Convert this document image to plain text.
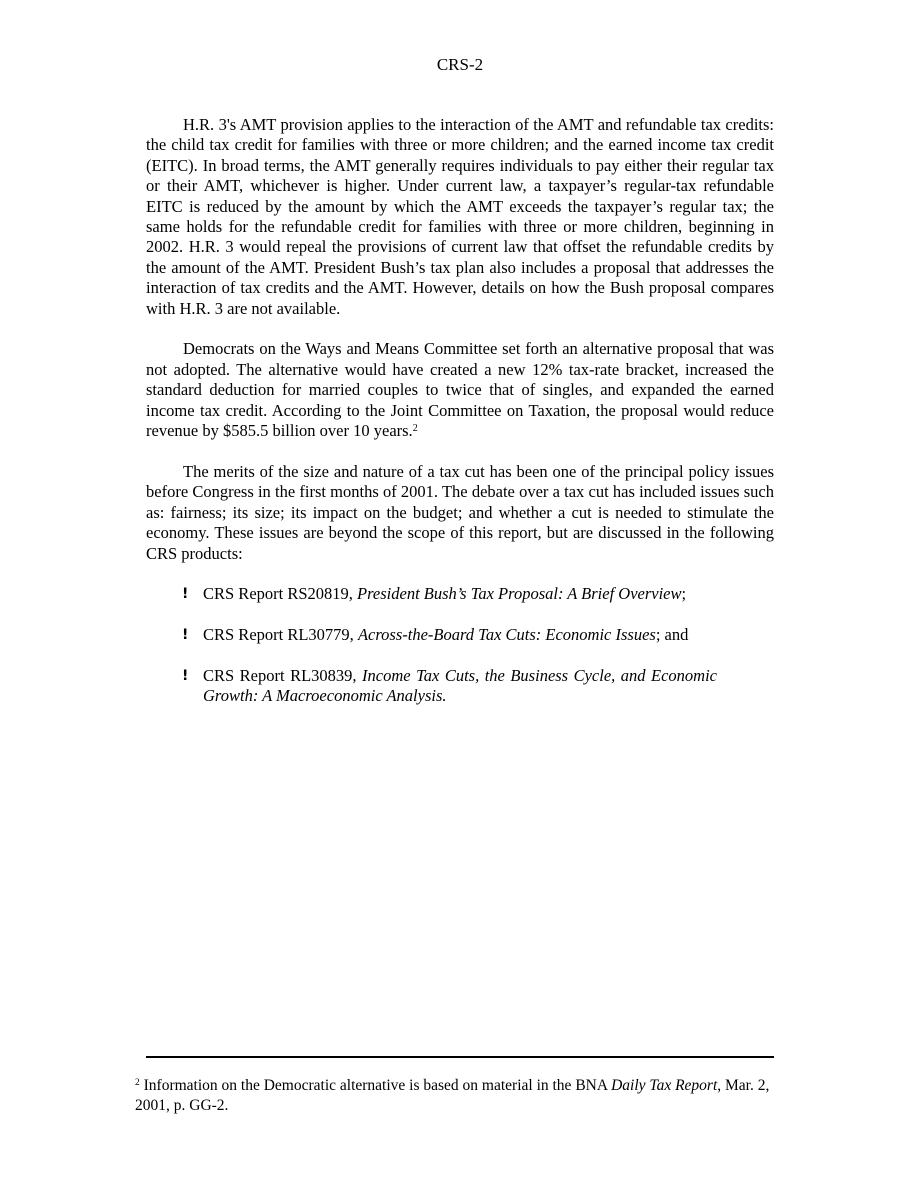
CRS-2

H.R. 3's AMT provision applies to the interaction of the AMT and refundable tax credits: the child tax credit for families with three or more children; and the earned income tax credit (EITC). In broad terms, the AMT generally requires individuals to pay either their regular tax or their AMT, whichever is higher. Under current law, a taxpayer’s regular-tax refundable EITC is reduced by the amount by which the AMT exceeds the taxpayer’s regular tax; the same holds for the refundable credit for families with three or more children, beginning in 2002. H.R. 3 would repeal the provisions of current law that offset the refundable credits by the amount of the AMT. President Bush’s tax plan also includes a proposal that addresses the interaction of tax credits and the AMT. However, details on how the Bush proposal compares with H.R. 3 are not available.

Democrats on the Ways and Means Committee set forth an alternative proposal that was not adopted. The alternative would have created a new 12% tax-rate bracket, increased the standard deduction for married couples to twice that of singles, and expanded the earned income tax credit. According to the Joint Committee on Taxation, the proposal would reduce revenue by $585.5 billion over 10 years.$^2$

The merits of the size and nature of a tax cut has been one of the principal policy issues before Congress in the first months of 2001. The debate over a tax cut has included issues such as: fairness; its size; its impact on the budget; and whether a cut is needed to stimulate the economy. These issues are beyond the scope of this report, but are discussed in the following CRS products:

! CRS Report RS20819, President Bush’s Tax Proposal: A Brief Overview;
! CRS Report RL30779, Across-the-Board Tax Cuts: Economic Issues; and
! CRS Report RL30839, Income Tax Cuts, the Business Cycle, and Economic Growth: A Macroeconomic Analysis.
$^2$ Information on the Democratic alternative is based on material in the BNA Daily Tax Report, Mar. 2, 2001, p. GG-2.
